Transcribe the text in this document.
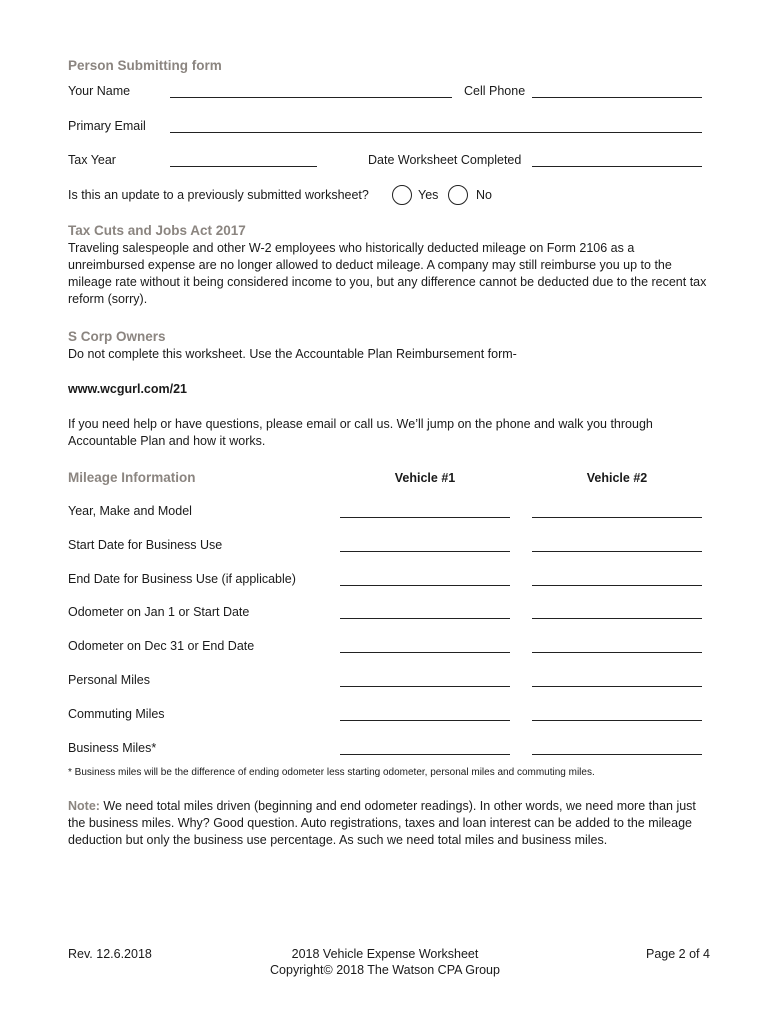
Person Submitting form
Your Name	Cell Phone
Primary Email
Tax Year	Date Worksheet Completed
Is this an update to a previously submitted worksheet?	Yes	No
Tax Cuts and Jobs Act 2017
Traveling salespeople and other W-2 employees who historically deducted mileage on Form 2106 as a unreimbursed expense are no longer allowed to deduct mileage. A company may still reimburse you up to the mileage rate without it being considered income to you, but any difference cannot be deducted due to the recent tax reform (sorry).
S Corp Owners
Do not complete this worksheet. Use the Accountable Plan Reimbursement form-
www.wcgurl.com/21
If you need help or have questions, please email or call us. We’ll jump on the phone and walk you through Accountable Plan and how it works.
Mileage Information	Vehicle #1	Vehicle #2
Year, Make and Model
Start Date for Business Use
End Date for Business Use (if applicable)
Odometer on Jan 1 or Start Date
Odometer on Dec 31 or End Date
Personal Miles
Commuting Miles
Business Miles*
* Business miles will be the difference of ending odometer less starting odometer, personal miles and commuting miles.
Note: We need total miles driven (beginning and end odometer readings). In other words, we need more than just the business miles. Why? Good question. Auto registrations, taxes and loan interest can be added to the mileage deduction but only the business use percentage. As such we need total miles and business miles.
Rev. 12.6.2018	2018 Vehicle Expense Worksheet
Copyright© 2018 The Watson CPA Group
Page 2 of 4
